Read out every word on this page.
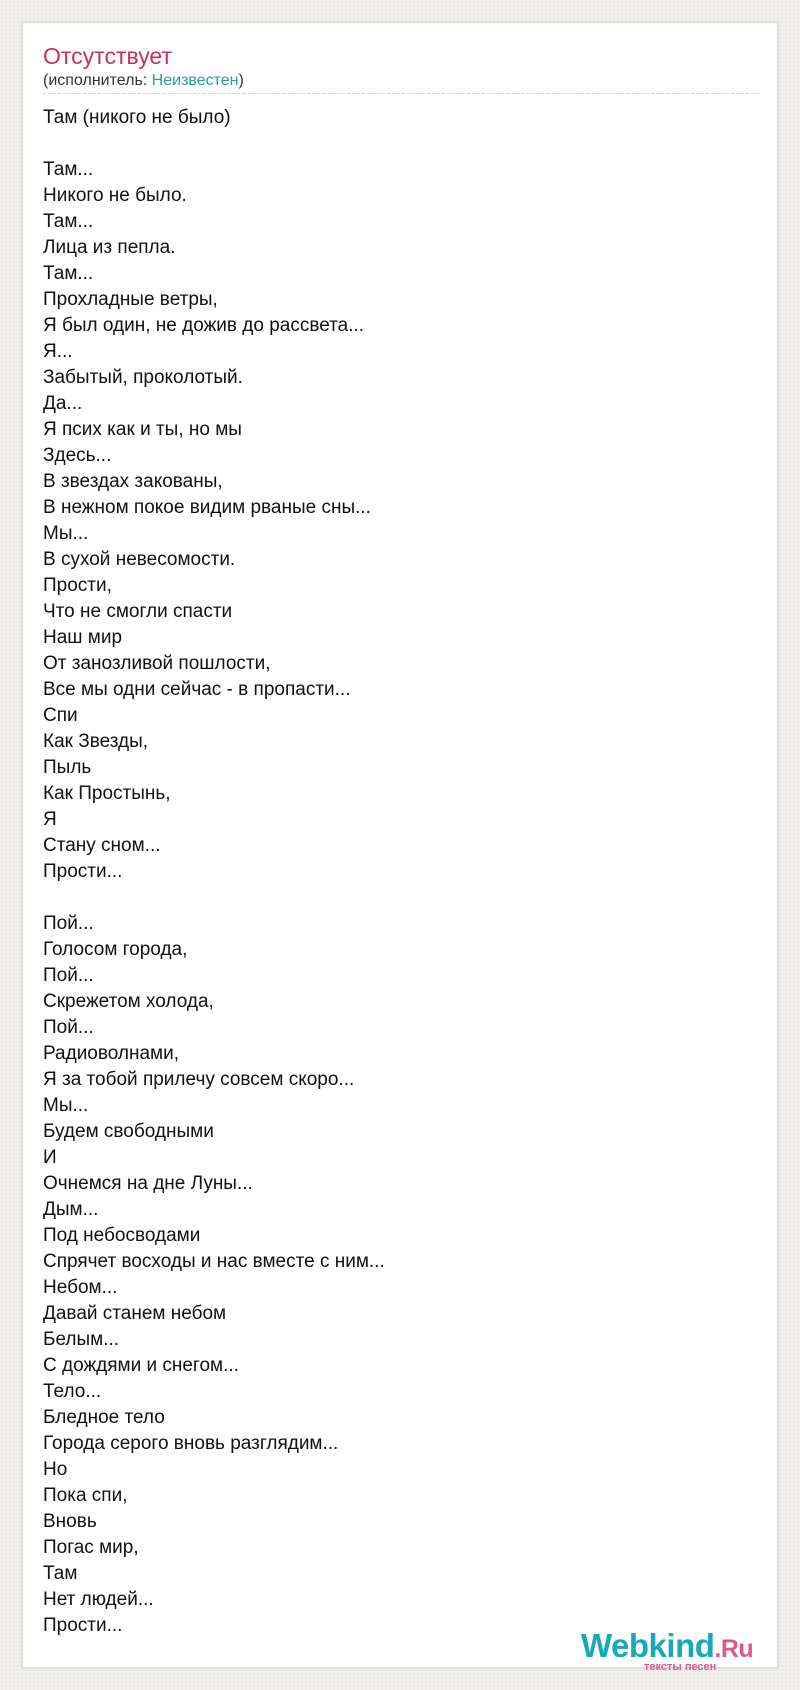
Отсутствует
(исполнитель: Неизвестен)
Там (никого не было)
Там...
Никого не было.
Там...
Лица из пепла.
Там...
Прохладные ветры,
Я был один, не дожив до рассвета...
Я...
Забытый, проколотый.
Да...
Я псих как и ты, но мы
Здесь...
В звездах закованы,
В нежном покое видим рваные сны...
Мы...
В сухой невесомости.
Прости,
Что не смогли спасти
Наш мир
От занозливой пошлости,
Все мы одни сейчас - в пропасти...
Спи
Как Звезды,
Пыль
Как Простынь,
Я
Стану сном...
Прости...
Пой...
Голосом города,
Пой...
Скрежетом холода,
Пой...
Радиоволнами,
Я за тобой прилечу совсем скоро...
Мы...
Будем свободными
И
Очнемся на дне Луны...
Дым...
Под небосводами
Спрячет восходы и нас вместе с ним...
Небом...
Давай станем небом
Белым...
С дождями и снегом...
Тело...
Бледное тело
Города серого вновь разглядим...
Но
Пока спи,
Вновь
Погас мир,
Там
Нет людей...
Прости...
Webkind.Ru
тексты песен
